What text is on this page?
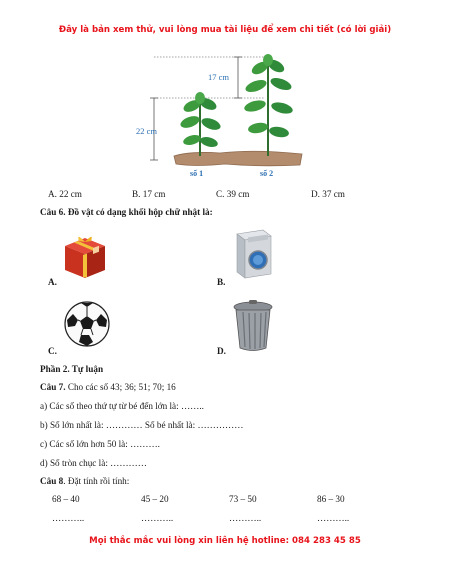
Đây là bản xem thử, vui lòng mua tài liệu để xem chi tiết (có lời giải)
17 cm
22 cm
số 1	số 2
A. 22 cm	B. 17 cm	C. 39 cm	D. 37 cm
Câu 6. Đồ vật có dạng khối hộp chữ nhật là:
A.	B.
C.	D.
Phần 2. Tự luận
Câu 7. Cho các số 43; 36; 51; 70; 16
a) Các số theo thứ tự từ bé đến lớn là: ……..
b) Số lớn nhất là: ………… Số bé nhất là: ……………
c) Các số lớn hơn 50 là: ……….
d) Số tròn chục là: …………
Câu 8. Đặt tính rồi tính:
68 – 40	45 – 20	73 – 50	86 – 30
………..	………..	………..	………..
Mọi thắc mắc vui lòng xin liên hệ hotline: 084 283 45 85
